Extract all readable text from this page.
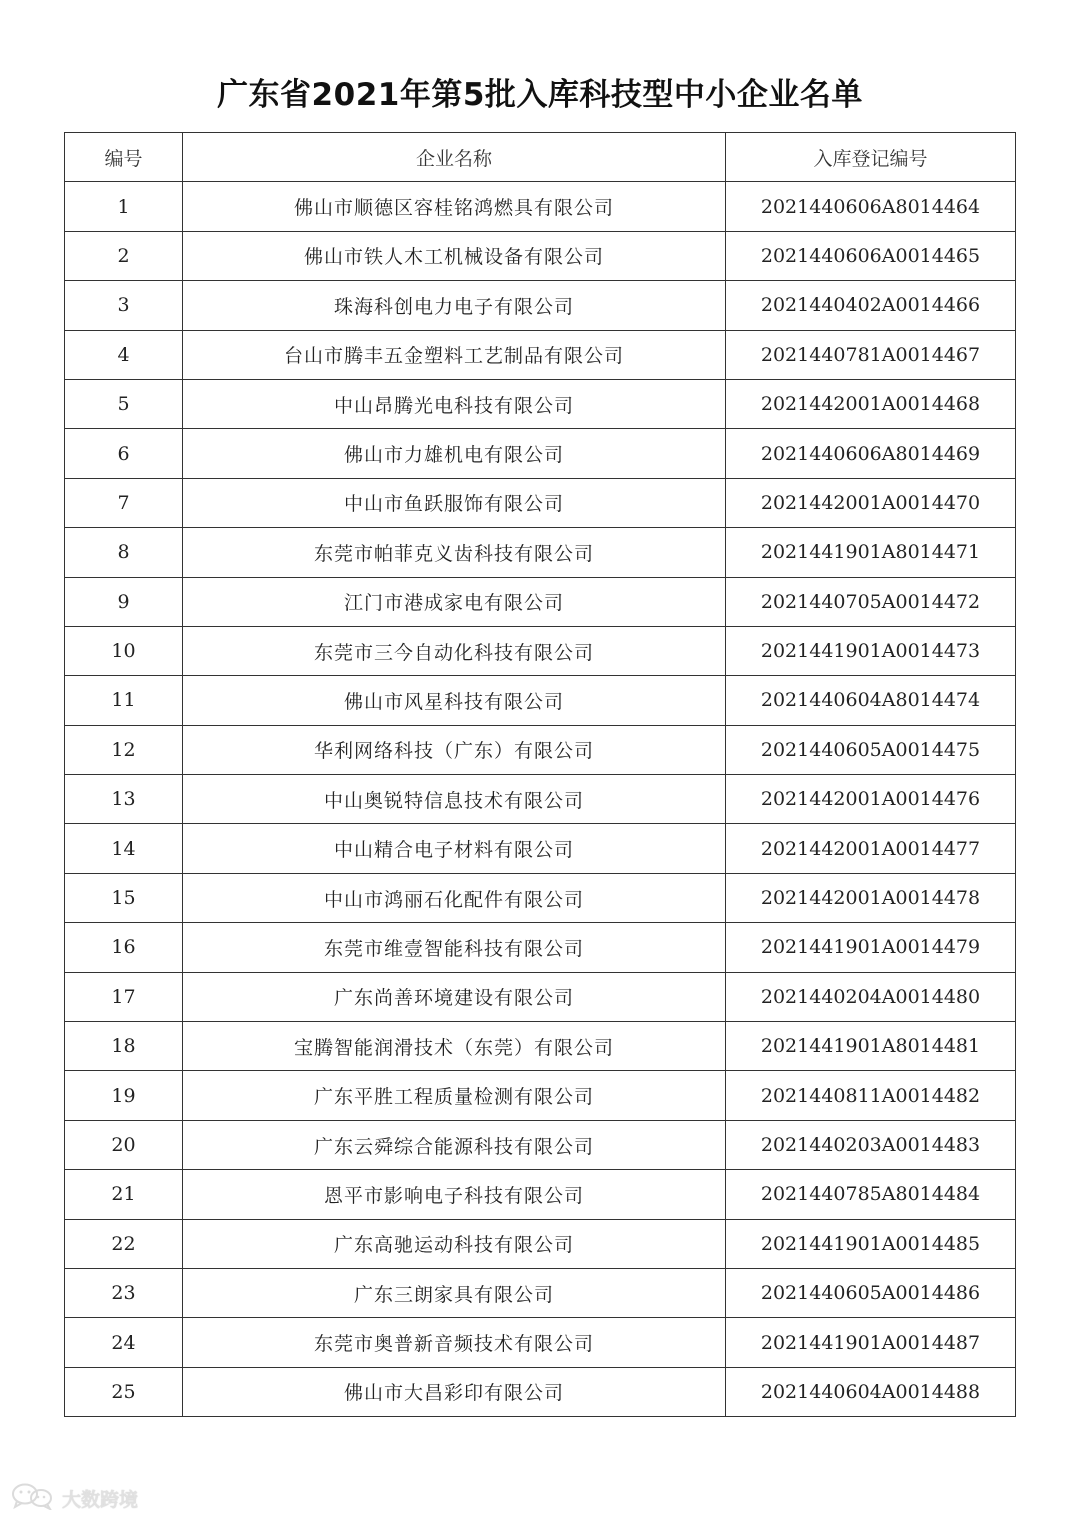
广东省2021年第5批入库科技型中小企业名单
编号	企业名称	入库登记编号
1	佛山市顺德区容桂铭鸿燃具有限公司	2021440606A8014464
2	佛山市铁人木工机械设备有限公司	2021440606A0014465
3	珠海科创电力电子有限公司	2021440402A0014466
4	台山市腾丰五金塑料工艺制品有限公司	2021440781A0014467
5	中山昂腾光电科技有限公司	2021442001A0014468
6	佛山市力雄机电有限公司	2021440606A8014469
7	中山市鱼跃服饰有限公司	2021442001A0014470
8	东莞市帕菲克义齿科技有限公司	2021441901A8014471
9	江门市港成家电有限公司	2021440705A0014472
10	东莞市三今自动化科技有限公司	2021441901A0014473
11	佛山市风星科技有限公司	2021440604A8014474
12	华利网络科技（广东）有限公司	2021440605A0014475
13	中山奥锐特信息技术有限公司	2021442001A0014476
14	中山精合电子材料有限公司	2021442001A0014477
15	中山市鸿丽石化配件有限公司	2021442001A0014478
16	东莞市维壹智能科技有限公司	2021441901A0014479
17	广东尚善环境建设有限公司	2021440204A0014480
18	宝腾智能润滑技术（东莞）有限公司	2021441901A8014481
19	广东平胜工程质量检测有限公司	2021440811A0014482
20	广东云舜综合能源科技有限公司	2021440203A0014483
21	恩平市影响电子科技有限公司	2021440785A8014484
22	广东高驰运动科技有限公司	2021441901A0014485
23	广东三朗家具有限公司	2021440605A0014486
24	东莞市奥普新音频技术有限公司	2021441901A0014487
25	佛山市大昌彩印有限公司	2021440604A0014488
大数跨境
